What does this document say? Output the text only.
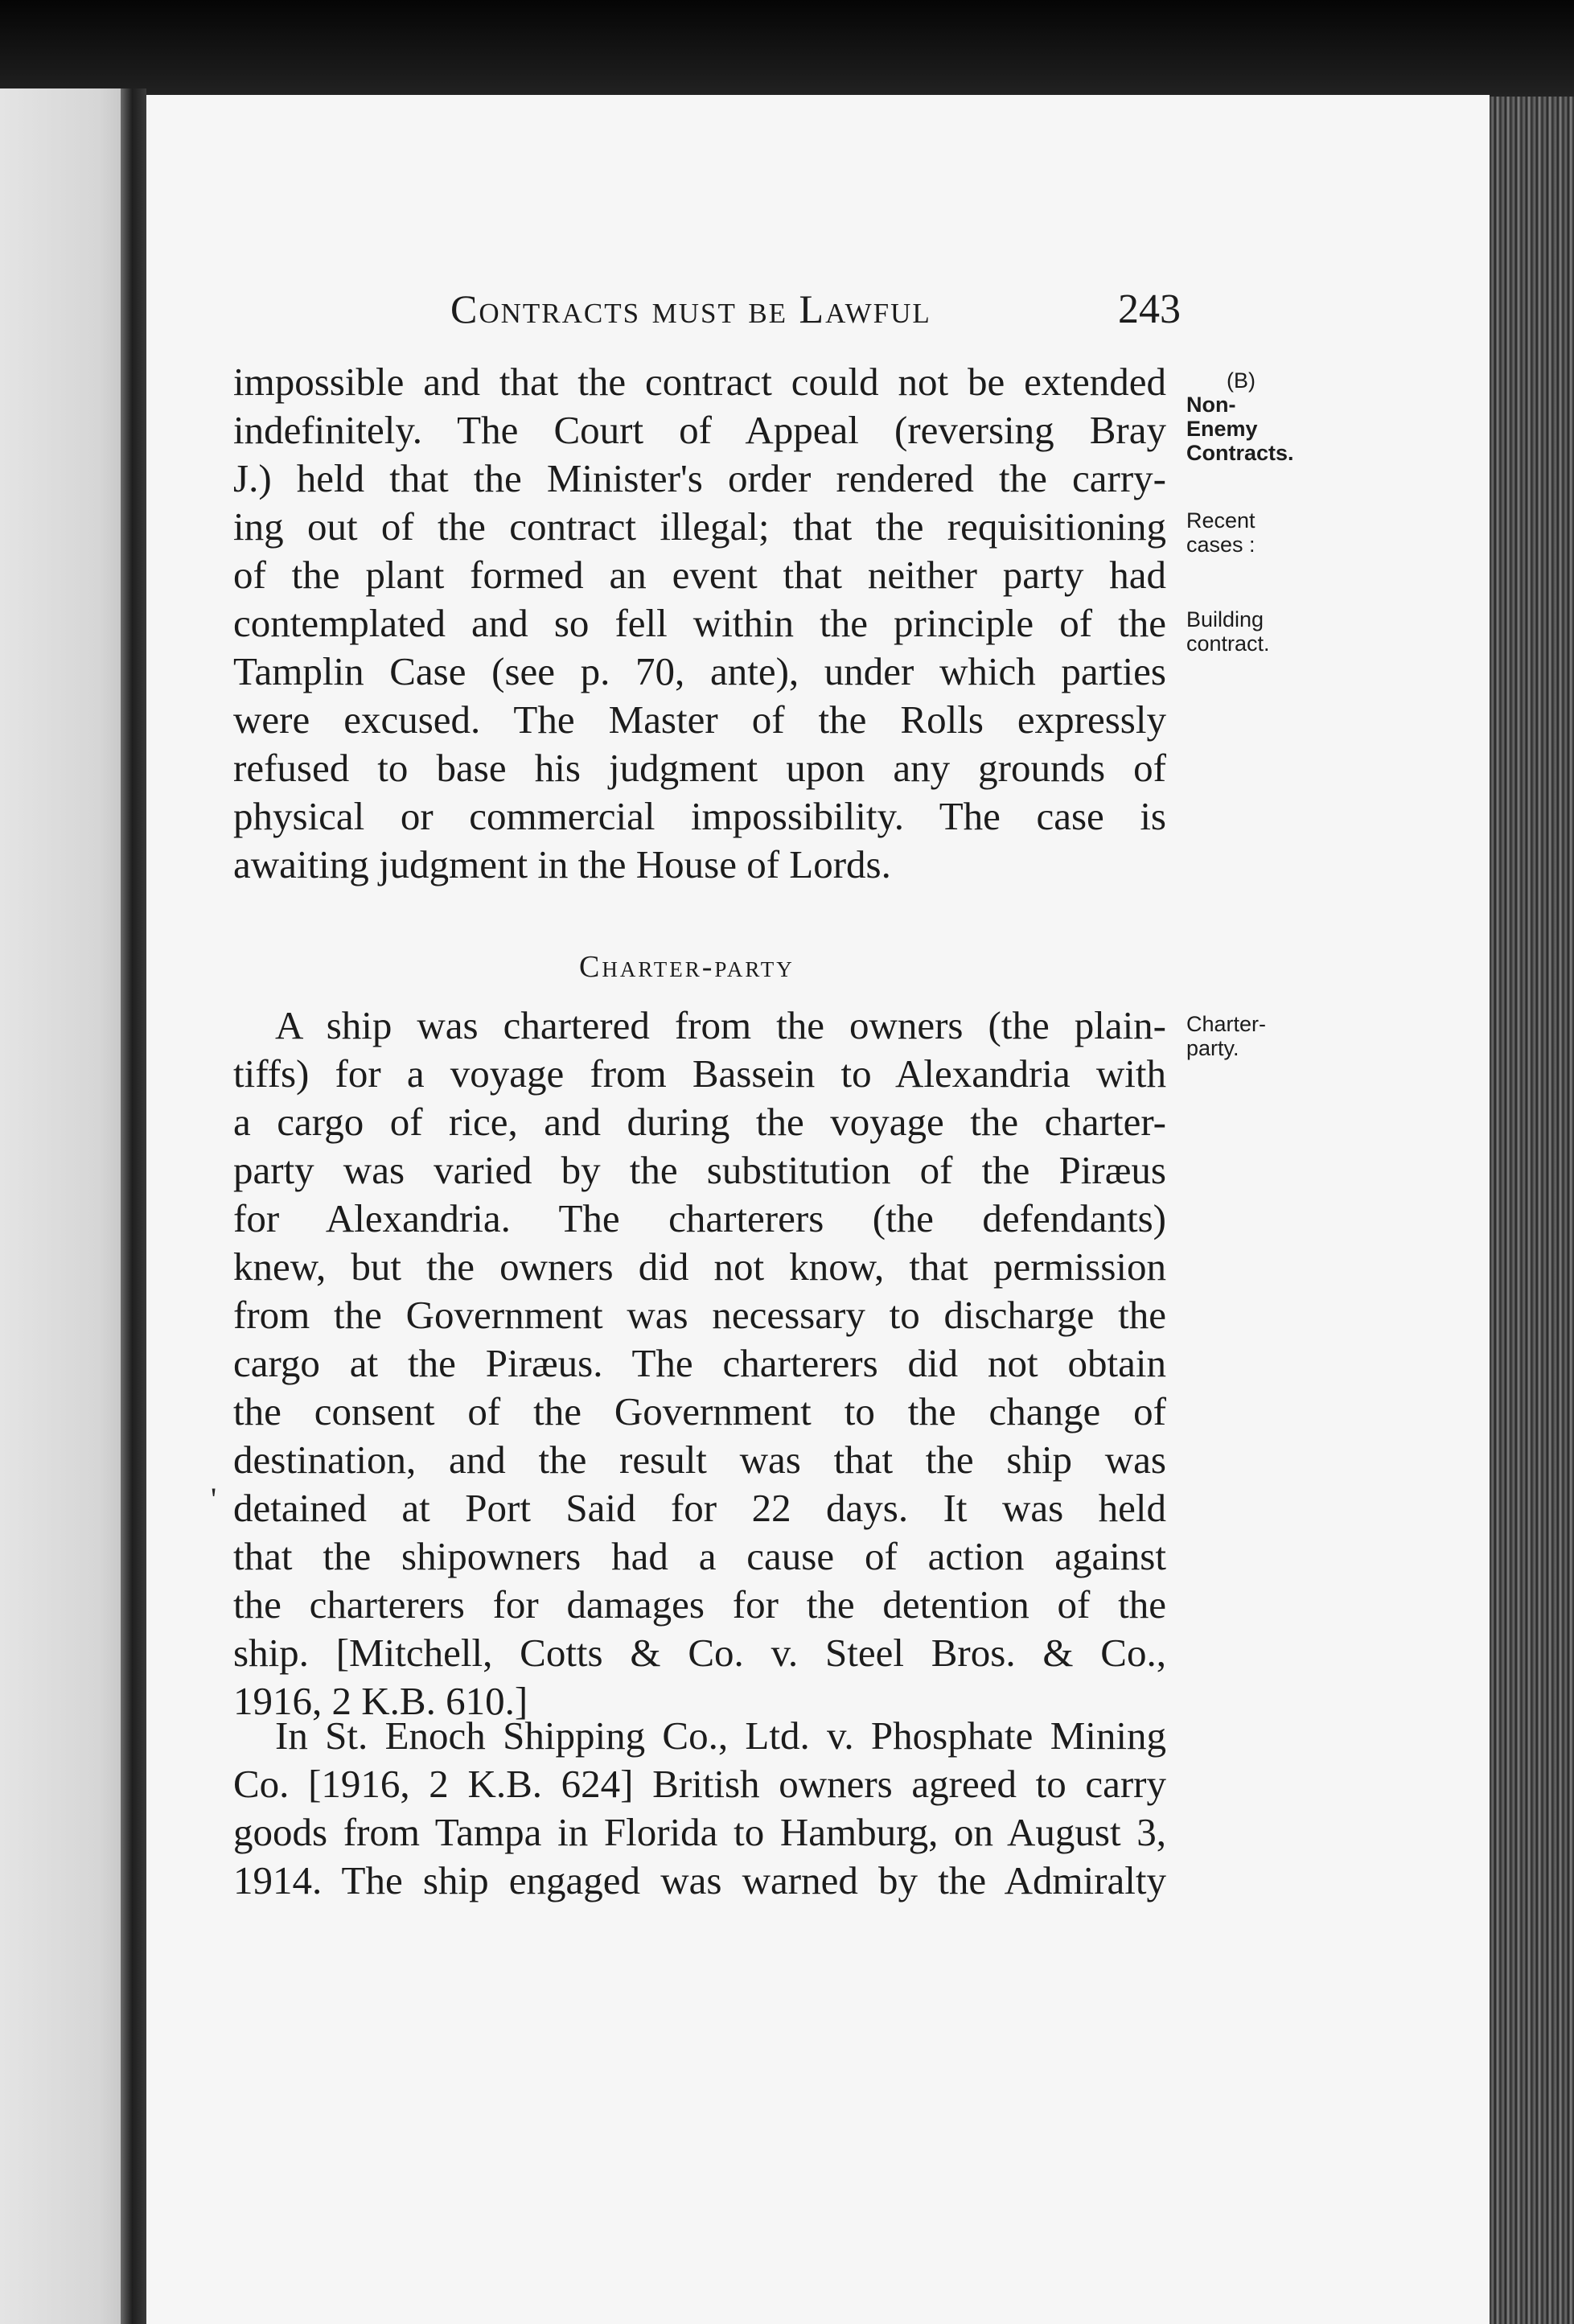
Contracts must be Lawful	243
impossible and that the contract could not be extended
indefinitely. The Court of Appeal (reversing Bray
J.) held that the Minister's order rendered the carry-
ing out of the contract illegal; that the requisitioning
of the plant formed an event that neither party had
contemplated and so fell within the principle of the
Tamplin Case (see p. 70, ante), under which parties
were excused. The Master of the Rolls expressly
refused to base his judgment upon any grounds of
physical or commercial impossibility. The case is
awaiting judgment in the House of Lords.
Charter-party
A ship was chartered from the owners (the plain-
tiffs) for a voyage from Bassein to Alexandria with
a cargo of rice, and during the voyage the charter-
party was varied by the substitution of the Piræus
for Alexandria. The charterers (the defendants)
knew, but the owners did not know, that permission
from the Government was necessary to discharge the
cargo at the Piræus. The charterers did not obtain
the consent of the Government to the change of
destination, and the result was that the ship was
detained at Port Said for 22 days. It was held
that the shipowners had a cause of action against
the charterers for damages for the detention of the
ship. [Mitchell, Cotts & Co. v. Steel Bros. & Co.,
1916, 2 K.B. 610.]
In St. Enoch Shipping Co., Ltd. v. Phosphate Mining
Co. [1916, 2 K.B. 624] British owners agreed to carry
goods from Tampa in Florida to Hamburg, on August 3,
1914. The ship engaged was warned by the Admiralty
(B)
Non-
Enemy
Contracts.
Recent
cases :
Building
contract.
Charter-
party.
'
